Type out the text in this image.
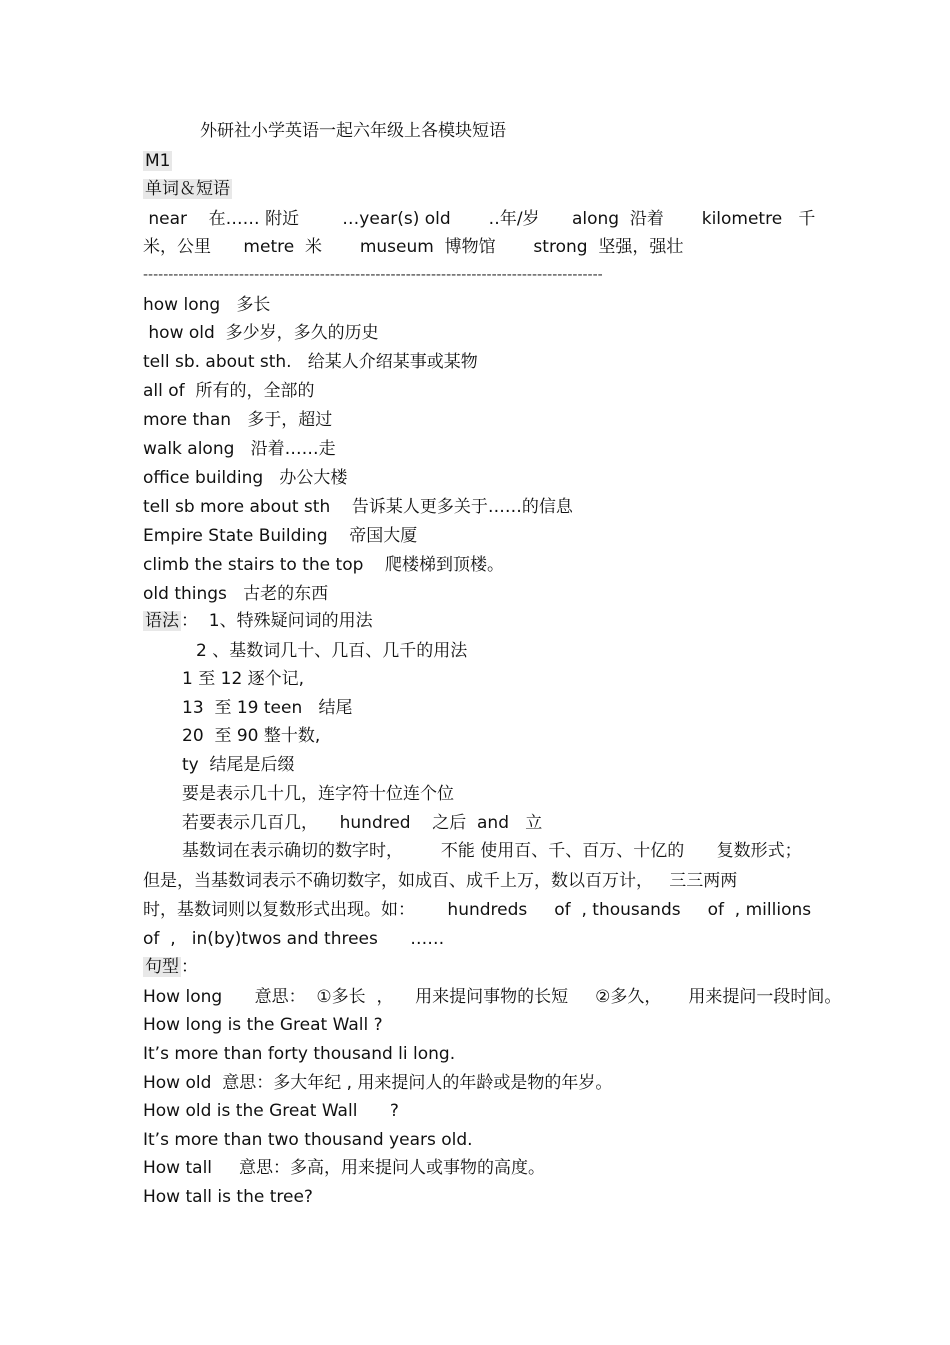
外研社小学英语一起六年级上各模块短语
M1
单词＆短语
near    在…… 附近        …year(s) old       ‥年/岁      along  沿着       kilometre   千
米，公里      metre  米       museum  博物馆       strong  坚强，强壮
-------------------------------------------------------------------------------------------
how long   多长
how old  多少岁，多久的历史
tell sb. about sth.   给某人介绍某事或某物
all of  所有的，全部的
more than   多于，超过
walk along   沿着……走
office building   办公大楼
tell sb more about sth    告诉某人更多关于……的信息
Empire State Building    帝国大厦
climb the stairs to the top    爬楼梯到顶楼。
old things   古老的东西
语法 ：  1、特殊疑问词的用法
2 、基数词几十、几百、几千的用法
1 至 12 逐个记,
13  至 19 teen   结尾
20  至 90 整十数,
ty  结尾是后缀
要是表示几十几，连字符十位连个位
若要表示几百几，    hundred    之后  and   立
基数词在表示确切的数字时，       不能 使用百、千、百万、十亿的      复数形式；
但是，当基数词表示不确切数字，如成百、成千上万，数以百万计，   三三两两
时，基数词则以复数形式出现。如：      hundreds     of  , thousands     of  , millions
of  ,   in(by)twos and threes      ……
句型 ：
How long      意思：  ①多长  ，    用来提问事物的长短     ②多久，     用来提问一段时间。
How long is the Great Wall ?
It’s more than forty thousand li long.
How old  意思：多大年纪 , 用来提问人的年龄或是物的年岁。
How old is the Great Wall      ?
It’s more than two thousand years old.
How tall     意思：多高，用来提问人或事物的高度。
How tall is the tree?
